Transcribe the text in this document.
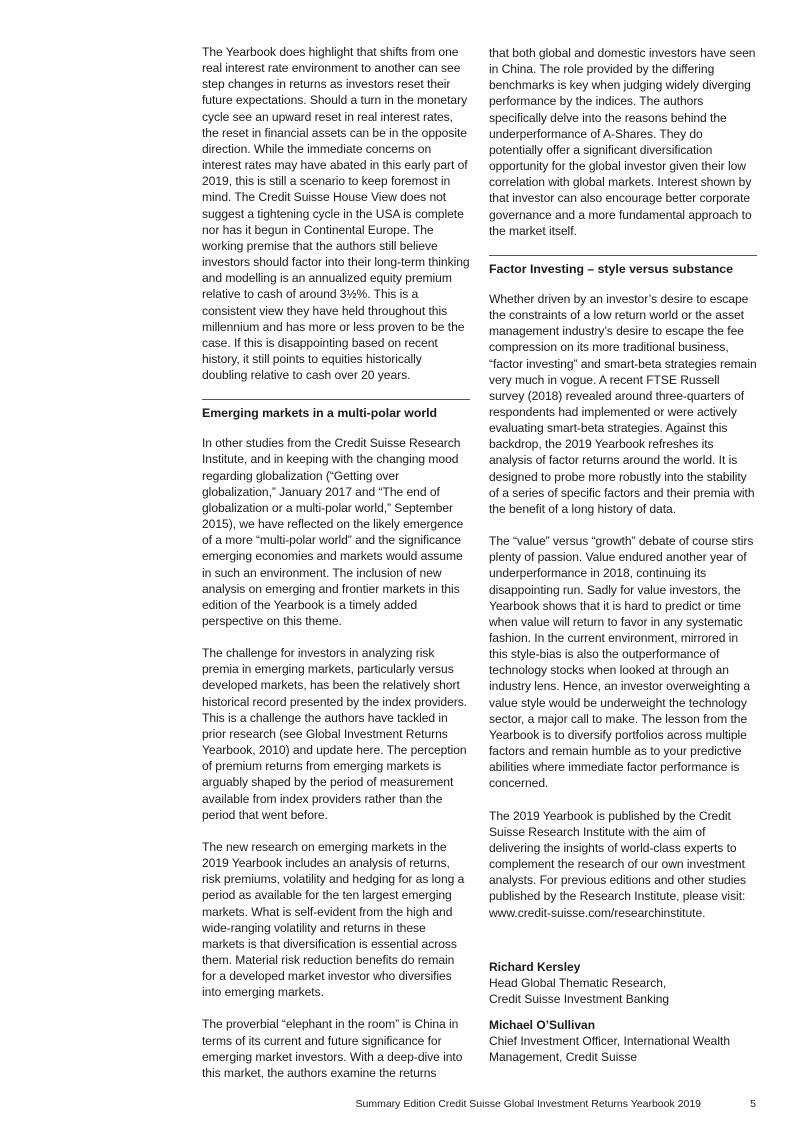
The Yearbook does highlight that shifts from one real interest rate environment to another can see step changes in returns as investors reset their future expectations. Should a turn in the monetary cycle see an upward reset in real interest rates, the reset in financial assets can be in the opposite direction. While the immediate concerns on interest rates may have abated in this early part of 2019, this is still a scenario to keep foremost in mind. The Credit Suisse House View does not suggest a tightening cycle in the USA is complete nor has it begun in Continental Europe. The working premise that the authors still believe investors should factor into their long-term thinking and modelling is an annualized equity premium relative to cash of around 3½%. This is a consistent view they have held throughout this millennium and has more or less proven to be the case. If this is disappointing based on recent history, it still points to equities historically doubling relative to cash over 20 years.

Emerging markets in a multi-polar world

In other studies from the Credit Suisse Research Institute, and in keeping with the changing mood regarding globalization (“Getting over globalization,” January 2017 and “The end of globalization or a multi-polar world,” September 2015), we have reflected on the likely emergence of a more “multi-polar world” and the significance emerging economies and markets would assume in such an environment. The inclusion of new analysis on emerging and frontier markets in this edition of the Yearbook is a timely added perspective on this theme.

The challenge for investors in analyzing risk premia in emerging markets, particularly versus developed markets, has been the relatively short historical record presented by the index providers. This is a challenge the authors have tackled in prior research (see Global Investment Returns Yearbook, 2010) and update here. The perception of premium returns from emerging markets is arguably shaped by the period of measurement available from index providers rather than the period that went before.

The new research on emerging markets in the 2019 Yearbook includes an analysis of returns, risk premiums, volatility and hedging for as long a period as available for the ten largest emerging markets. What is self-evident from the high and wide-ranging volatility and returns in these markets is that diversification is essential across them. Material risk reduction benefits do remain for a developed market investor who diversifies into emerging markets.

The proverbial “elephant in the room” is China in terms of its current and future significance for emerging market investors. With a deep-dive into this market, the authors examine the returns

that both global and domestic investors have seen in China. The role provided by the differing benchmarks is key when judging widely diverging performance by the indices. The authors specifically delve into the reasons behind the underperformance of A-Shares. They do potentially offer a significant diversification opportunity for the global investor given their low correlation with global markets. Interest shown by that investor can also encourage better corporate governance and a more fundamental approach to the market itself.

Factor Investing – style versus substance

Whether driven by an investor’s desire to escape the constraints of a low return world or the asset management industry’s desire to escape the fee compression on its more traditional business, “factor investing” and smart-beta strategies remain very much in vogue. A recent FTSE Russell survey (2018) revealed around three-quarters of respondents had implemented or were actively evaluating smart-beta strategies. Against this backdrop, the 2019 Yearbook refreshes its analysis of factor returns around the world. It is designed to probe more robustly into the stability of a series of specific factors and their premia with the benefit of a long history of data.

The “value” versus “growth” debate of course stirs plenty of passion. Value endured another year of underperformance in 2018, continuing its disappointing run. Sadly for value investors, the Yearbook shows that it is hard to predict or time when value will return to favor in any systematic fashion. In the current environment, mirrored in this style-bias is also the outperformance of technology stocks when looked at through an industry lens. Hence, an investor overweighting a value style would be underweight the technology sector, a major call to make. The lesson from the Yearbook is to diversify portfolios across multiple factors and remain humble as to your predictive abilities where immediate factor performance is concerned.

The 2019 Yearbook is published by the Credit Suisse Research Institute with the aim of delivering the insights of world-class experts to complement the research of our own investment analysts. For previous editions and other studies published by the Research Institute, please visit: www.credit-suisse.com/researchinstitute.

Richard Kersley

Head Global Thematic Research,

Credit Suisse Investment Banking

Michael O’Sullivan

Chief Investment Officer, International Wealth

Management, Credit Suisse

Summary Edition Credit Suisse Global Investment Returns Yearbook 2019	5
